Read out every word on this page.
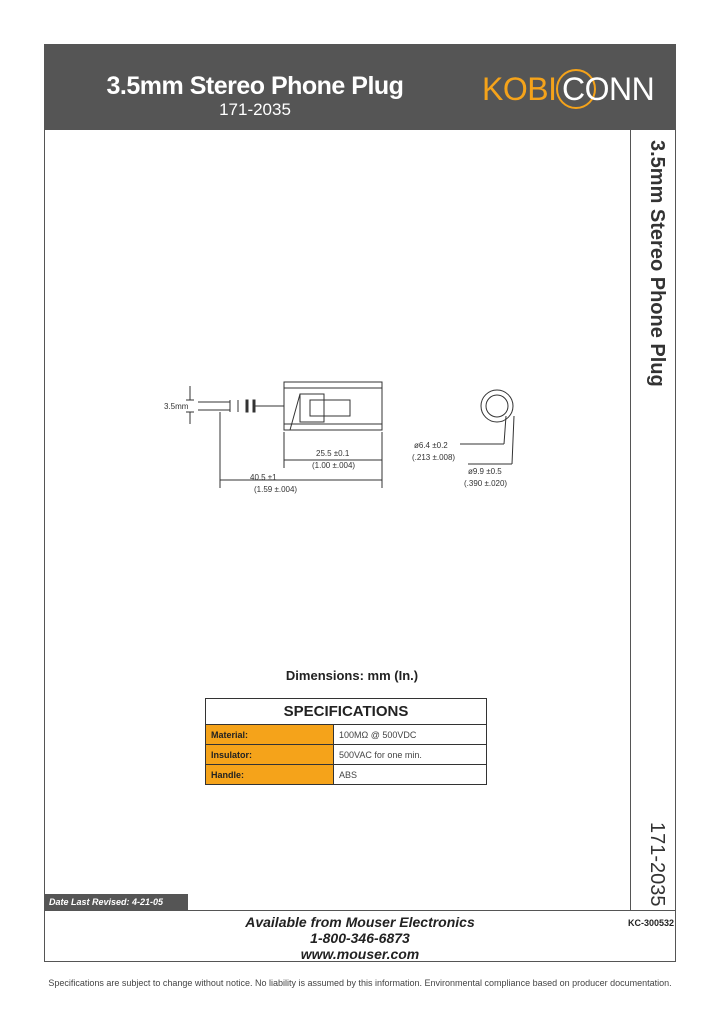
3.5mm Stereo Phone Plug
171-2035
KOBI CONN
3.5mm Stereo Phone Plug
171-2035
3.5mm
25.5 ±0.1
(1.00 ±.004)
40.5 ±1
(1.59 ±.004)
ø6.4 ±0.2
(.213 ±.008)
ø9.9 ±0.5
(.390 ±.020)
Dimensions: mm (In.)
SPECIFICATIONS	
Material:	100MΩ @ 500VDC
Insulator:	500VAC for one min.
Handle:	ABS
Date Last Revised: 4-21-05
Available from Mouser Electronics
1-800-346-6873
www.mouser.com
KC-300532
Specifications are subject to change without notice. No liability is assumed by this information. Environmental compliance based on producer documentation.
